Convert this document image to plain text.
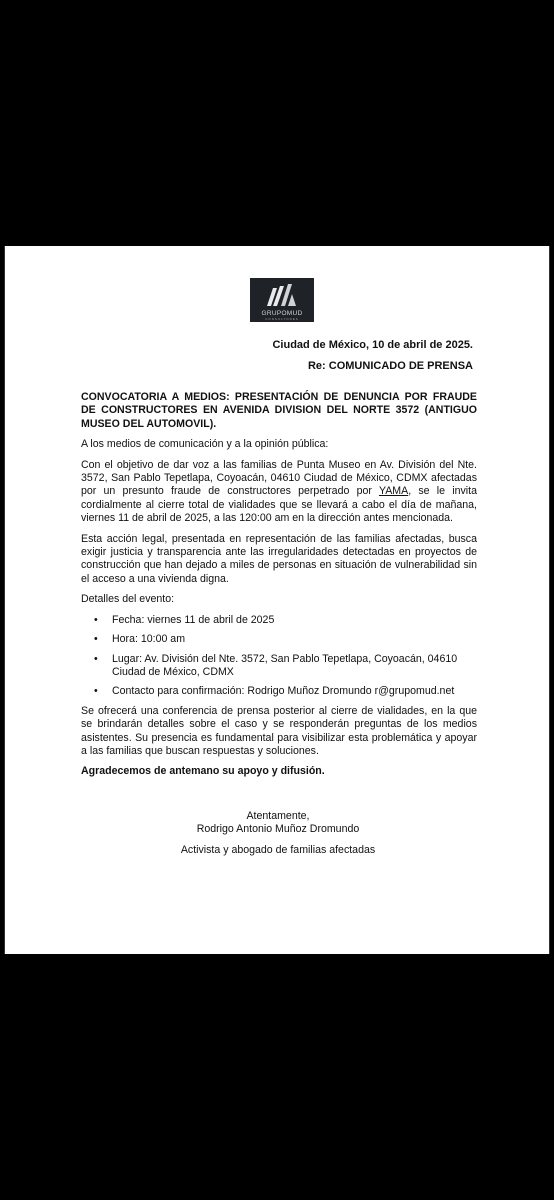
GRUPOMUD
CONSULTORES
Ciudad de México, 10 de abril de 2025.
Re: COMUNICADO DE PRENSA

CONVOCATORIA A MEDIOS: PRESENTACIÓN DE DENUNCIA POR FRAUDE DE CONSTRUCTORES EN AVENIDA DIVISION DEL NORTE 3572 (ANTIGUO MUSEO DEL AUTOMOVIL).

A los medios de comunicación y a la opinión pública:

Con el objetivo de dar voz a las familias de Punta Museo en Av. División del Nte. 3572, San Pablo Tepetlapa, Coyoacán, 04610 Ciudad de México, CDMX afectadas por un presunto fraude de constructores perpetrado por YAMA, se le invita cordialmente al cierre total de vialidades que se llevará a cabo el día de mañana, viernes 11 de abril de 2025, a las 120:00 am en la dirección antes mencionada.

Esta acción legal, presentada en representación de las familias afectadas, busca exigir justicia y transparencia ante las irregularidades detectadas en proyectos de construcción que han dejado a miles de personas en situación de vulnerabilidad sin el acceso a una vivienda digna.

Detalles del evento:

• Fecha: viernes 11 de abril de 2025
• Hora: 10:00 am
• Lugar: Av. División del Nte. 3572, San Pablo Tepetlapa, Coyoacán, 04610 Ciudad de México, CDMX
• Contacto para confirmación: Rodrigo Muñoz Dromundo r@grupomud.net

Se ofrecerá una conferencia de prensa posterior al cierre de vialidades, en la que se brindarán detalles sobre el caso y se responderán preguntas de los medios asistentes. Su presencia es fundamental para visibilizar esta problemática y apoyar a las familias que buscan respuestas y soluciones.

Agradecemos de antemano su apoyo y difusión.

Atentamente,
Rodrigo Antonio Muñoz Dromundo
Activista y abogado de familias afectadas
